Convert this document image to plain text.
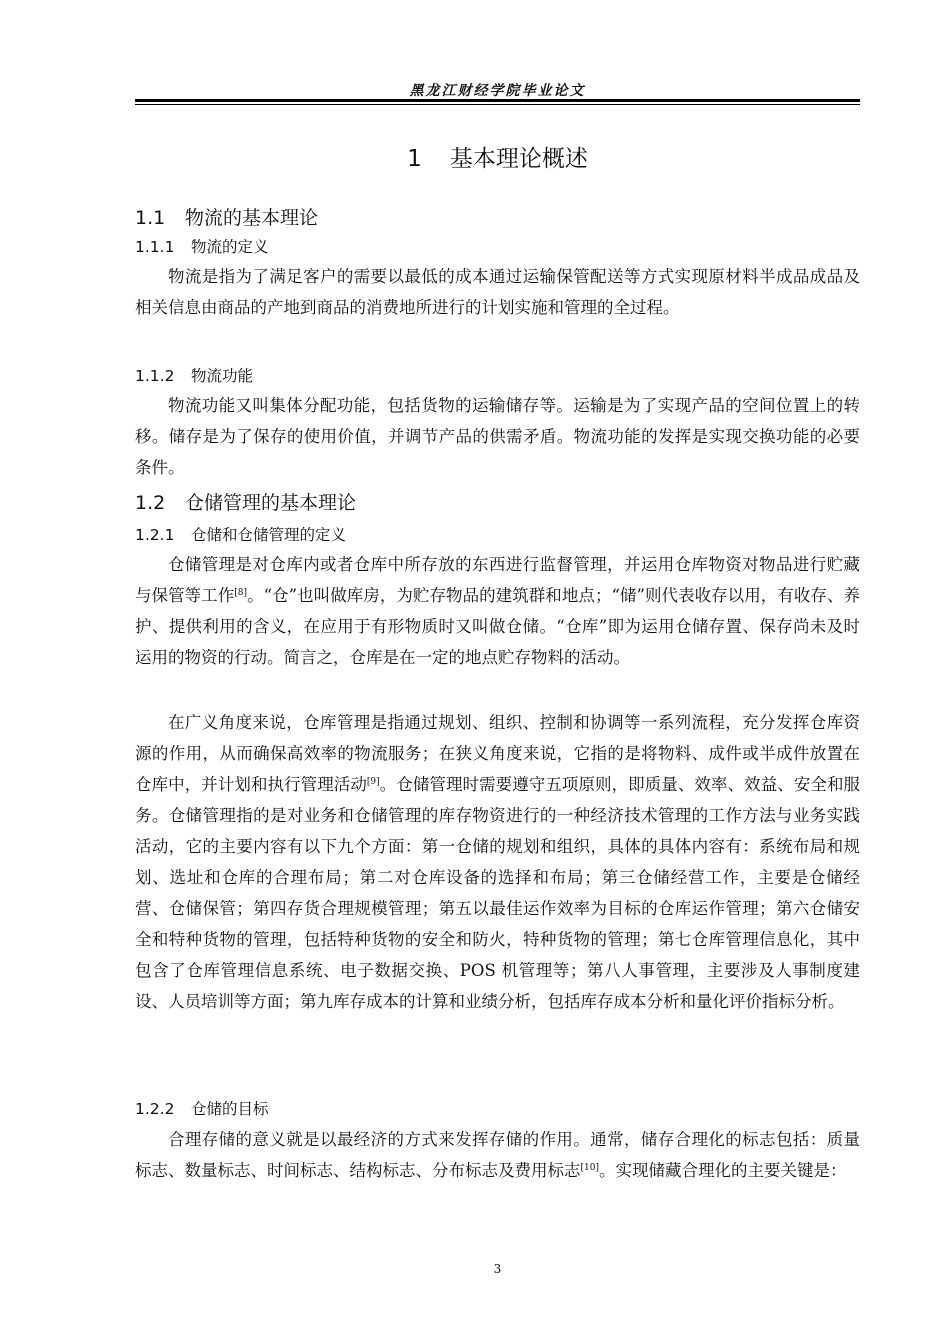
黑龙江财经学院毕业论文
1 基本理论概述
1.1 物流的基本理论
1.1.1 物流的定义

物流是指为了满足客户的需要以最低的成本通过运输保管配送等方式实现原材料半成品成品及相关信息由商品的产地到商品的消费地所进行的计划实施和管理的全过程。

1.1.2 物流功能

物流功能又叫集体分配功能，包括货物的运输储存等。运输是为了实现产品的空间位置上的转移。储存是为了保存的使用价值，并调节产品的供需矛盾。物流功能的发挥是实现交换功能的必要条件。

1.2 仓储管理的基本理论
1.2.1 仓储和仓储管理的定义

仓储管理是对仓库内或者仓库中所存放的东西进行监督管理，并运用仓库物资对物品进行贮藏与保管等工作[8]。“仓”也叫做库房，为贮存物品的建筑群和地点；“储”则代表收存以用，有收存、养护、提供利用的含义，在应用于有形物质时又叫做仓储。“仓库”即为运用仓储存置、保存尚未及时运用的物资的行动。简言之，仓库是在一定的地点贮存物料的活动。

在广义角度来说，仓库管理是指通过规划、组织、控制和协调等一系列流程，充分发挥仓库资源的作用，从而确保高效率的物流服务；在狭义角度来说，它指的是将物料、成件或半成件放置在仓库中，并计划和执行管理活动[9]。仓储管理时需要遵守五项原则，即质量、效率、效益、安全和服务。仓储管理指的是对业务和仓储管理的库存物资进行的一种经济技术管理的工作方法与业务实践活动，它的主要内容有以下九个方面：第一仓储的规划和组织，具体的具体内容有：系统布局和规划、选址和仓库的合理布局；第二对仓库设备的选择和布局；第三仓储经营工作，主要是仓储经营、仓储保管；第四存货合理规模管理；第五以最佳运作效率为目标的仓库运作管理；第六仓储安全和特种货物的管理，包括特种货物的安全和防火，特种货物的管理；第七仓库管理信息化，其中包含了仓库管理信息系统、电子数据交换、POS 机管理等；第八人事管理，主要涉及人事制度建设、人员培训等方面；第九库存成本的计算和业绩分析，包括库存成本分析和量化评价指标分析。

1.2.2 仓储的目标

合理存储的意义就是以最经济的方式来发挥存储的作用。通常，储存合理化的标志包括：质量标志、数量标志、时间标志、结构标志、分布标志及费用标志[10]。实现储藏合理化的主要关键是：

3
